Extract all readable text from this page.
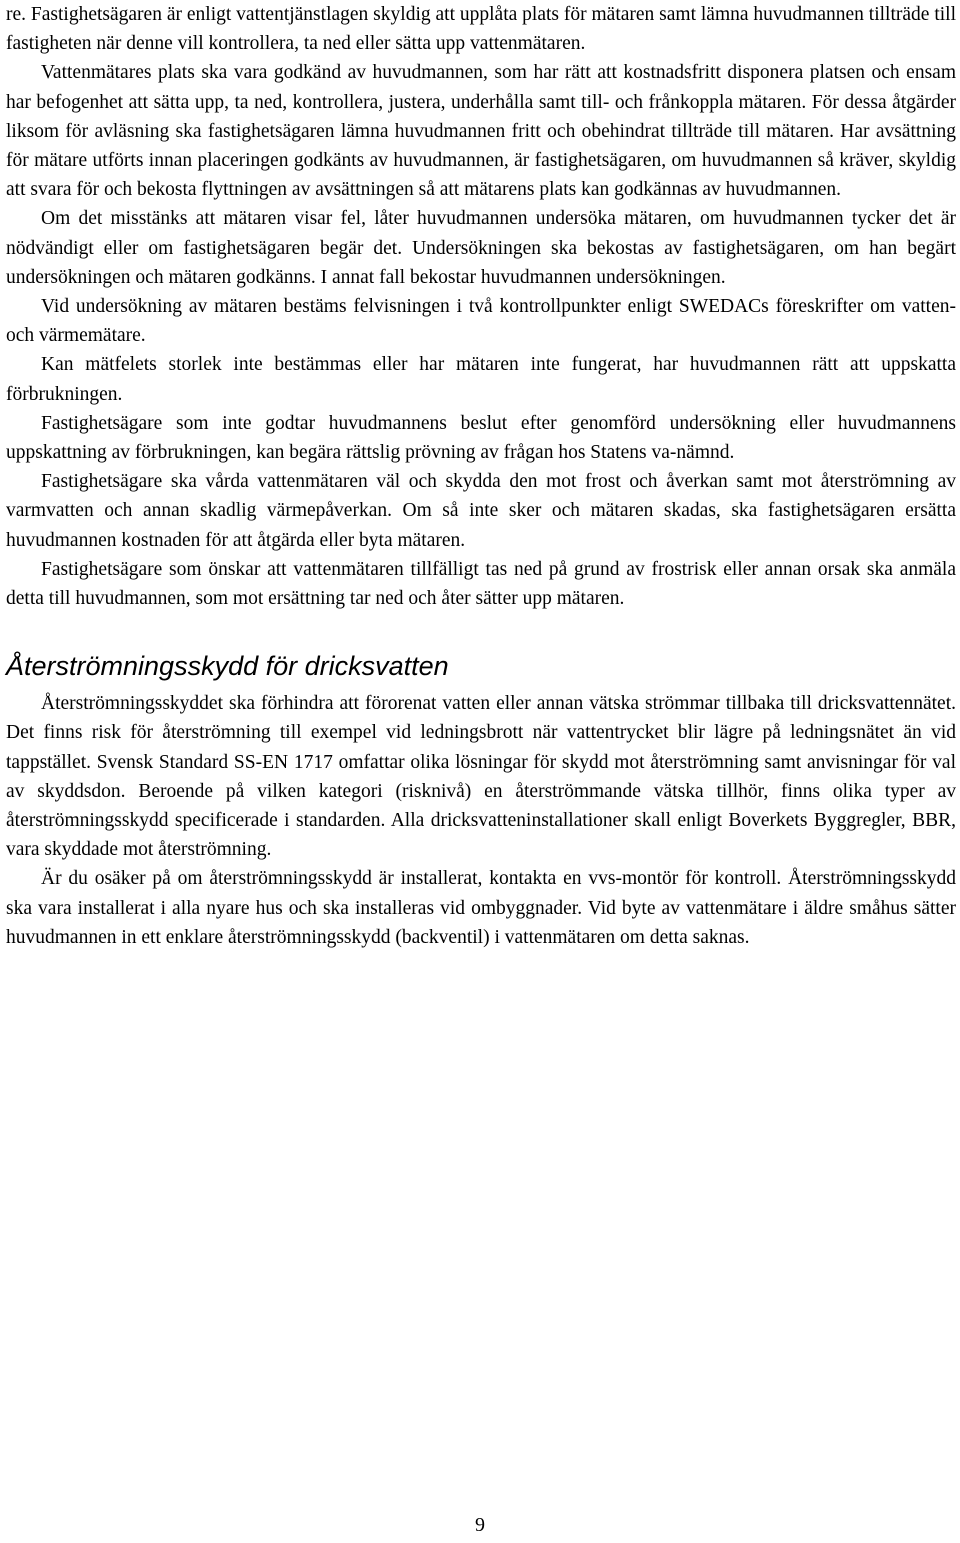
re. Fastighetsägaren är enligt vattentjänstlagen skyldig att upplåta plats för mätaren samt lämna huvudmannen tillträde till fastigheten när denne vill kontrollera, ta ned eller sätta upp vattenmätaren.

Vattenmätares plats ska vara godkänd av huvudmannen, som har rätt att kostnadsfritt disponera platsen och ensam har befogenhet att sätta upp, ta ned, kontrollera, justera, underhålla samt till- och frånkoppla mätaren. För dessa åtgärder liksom för avläsning ska fastighetsägaren lämna huvudmannen fritt och obehindrat tillträde till mätaren. Har avsättning för mätare utförts innan placeringen godkänts av huvudmannen, är fastighetsägaren, om huvudmannen så kräver, skyldig att svara för och bekosta flyttningen av avsättningen så att mätarens plats kan godkännas av huvudmannen.

Om det misstänks att mätaren visar fel, låter huvudmannen undersöka mätaren, om huvudmannen tycker det är nödvändigt eller om fastighetsägaren begär det. Undersökningen ska bekostas av fastighetsägaren, om han begärt undersökningen och mätaren godkänns. I annat fall bekostar huvudmannen undersökningen.

Vid undersökning av mätaren bestäms felvisningen i två kontrollpunkter enligt SWEDACs föreskrifter om vatten- och värmemätare.

Kan mätfelets storlek inte bestämmas eller har mätaren inte fungerat, har huvudmannen rätt att uppskatta förbrukningen.

Fastighetsägare som inte godtar huvudmannens beslut efter genomförd undersökning eller huvudmannens uppskattning av förbrukningen, kan begära rättslig prövning av frågan hos Statens va-nämnd.

Fastighetsägare ska vårda vattenmätaren väl och skydda den mot frost och åverkan samt mot återströmning av varmvatten och annan skadlig värmepåverkan. Om så inte sker och mätaren skadas, ska fastighetsägaren ersätta huvudmannen kostnaden för att åtgärda eller byta mätaren.

Fastighetsägare som önskar att vattenmätaren tillfälligt tas ned på grund av frostrisk eller annan orsak ska anmäla detta till huvudmannen, som mot ersättning tar ned och åter sätter upp mätaren.

Återströmningsskydd för dricksvatten

Återströmningsskyddet ska förhindra att förorenat vatten eller annan vätska strömmar tillbaka till dricksvattennätet. Det finns risk för återströmning till exempel vid ledningsbrott när vattentrycket blir lägre på ledningsnätet än vid tappstället. Svensk Standard SS-EN 1717 omfattar olika lösningar för skydd mot återströmning samt anvisningar för val av skyddsdon. Beroende på vilken kategori (risknivå) en återströmmande vätska tillhör, finns olika typer av återströmningsskydd specificerade i standarden. Alla dricksvatteninstallationer skall enligt Boverkets Byggregler, BBR, vara skyddade mot återströmning.

Är du osäker på om återströmningsskydd är installerat, kontakta en vvs-montör för kontroll. Återströmningsskydd ska vara installerat i alla nyare hus och ska installeras vid ombyggnader. Vid byte av vattenmätare i äldre småhus sätter huvudmannen in ett enklare återströmningsskydd (backventil) i vattenmätaren om detta saknas.

9
